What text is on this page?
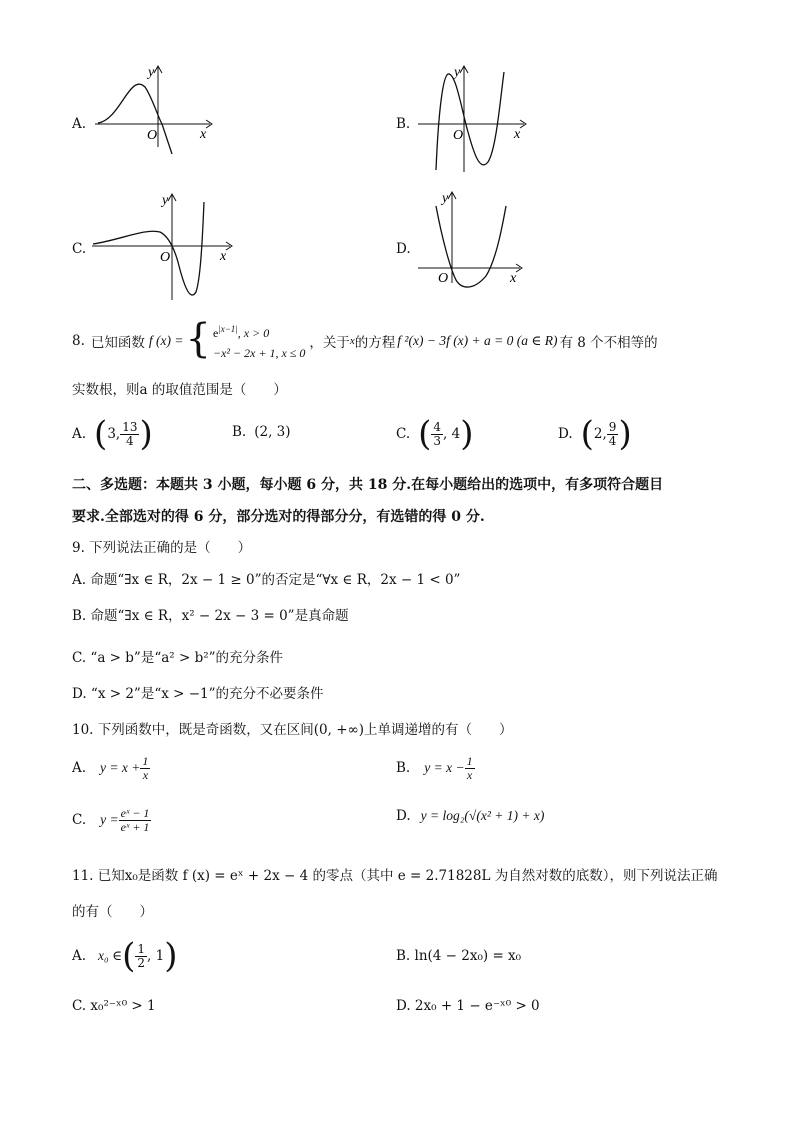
A.
x
y
O
B.
x
y
O
C.	x
y
O
D.
x
y
O
8. 已知函数 f (x) = { $e^{|x-1|}$, x > 0
−x² − 2x + 1, x ≤ 0
，关于 x 的方程 f ²(x) − 3f (x) + a = 0 (a ∈ R) 有 8 个不相等的
实数根，则a 的取值范围是（　　）
A. ( 3, $\frac{13}{4}$ )	B. (2, 3)	C. ( $\frac{4}{3}$ , 4 )	D. ( 2, $\frac{9}{4}$ )
二、多选题：本题共 3 小题，每小题 6 分，共 18 分.在每小题给出的选项中，有多项符合题目
要求.全部选对的得 6 分，部分选对的得部分分，有选错的得 0 分.
9. 下列说法正确的是（　　）
A. 命题“∃x ∈ R，2x − 1 ≥ 0”的否定是“∀x ∈ R，2x − 1 < 0”
B. 命题“∃x ∈ R，x² − 2x − 3 = 0”是真命题
C. “a > b”是“a² > b²”的充分条件
D. “x > 2”是“x > −1”的充分不必要条件
10. 下列函数中，既是奇函数，又在区间(0, +∞)上单调递增的有（　　）
A. $y = x + \frac{1}{x}$	B. $y = x - \frac{1}{x}$
C. $y = \frac{\text{eˣ − 1}}{\text{eˣ + 1}}$	D. y = log₂(√(x² + 1) + x)
11. 已知x₀是函数 f (x) = eˣ + 2x − 4 的零点（其中 e = 2.71828L 为自然对数的底数），则下列说法正确
的有（　　）
A. x₀ ∈ ( $\frac{1}{2}$ , 1 )	B. ln(4 − 2x₀) = x₀
C. x₀²⁻ˣ⁰ > 1	D. 2x₀ + 1 − e⁻ˣ⁰ > 0
